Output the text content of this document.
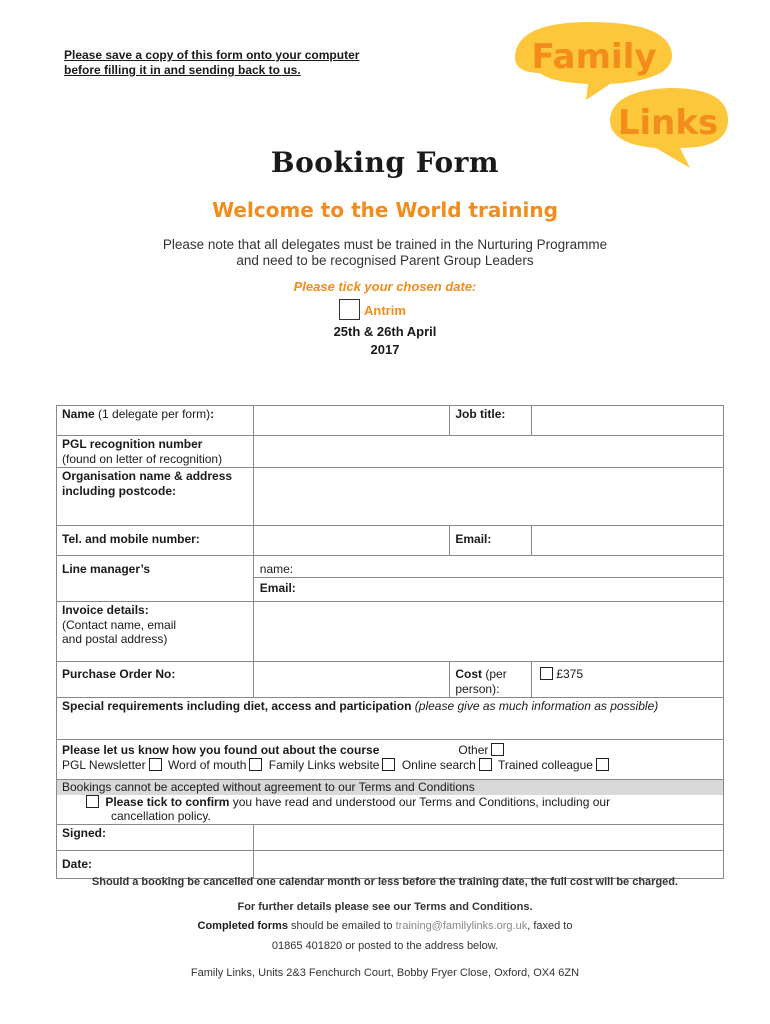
Please save a copy of this form onto your computer
before filling it in and sending back to us.	Family
Links
Booking Form
Welcome to the World training
Please note that all delegates must be trained in the Nurturing Programme
and need to be recognised Parent Group Leaders
Please tick your chosen date:
Antrim
25th & 26th April
2017
Name (1 delegate per form):		Job title:	

PGL recognition number
(found on letter of recognition)			

Organisation name & address including postcode:			
Tel. and mobile number:		Email:	
Line manager’s	name:
Email:		

Invoice details:
(Contact name, email
and postal address)			

Purchase Order No:		Cost (per person):	£375
Special requirements including diet, access and participation (please give as much information as possible)			

Please let us know how you found out about the course Other
PGL Newsletter Word of mouth Family Links website Online search Trained colleague			

Bookings cannot be accepted without agreement to our Terms and Conditions
Please tick to confirm you have read and understood our Terms and Conditions, including our
cancellation policy.			

Signed:			
Date:			
Should a booking be cancelled one calendar month or less before the training date, the full cost will be charged.
For further details please see our Terms and Conditions.
Completed forms should be emailed to training@familylinks.org.uk, faxed to
01865 401820 or posted to the address below.
Family Links, Units 2&3 Fenchurch Court, Bobby Fryer Close, Oxford, OX4 6ZN
